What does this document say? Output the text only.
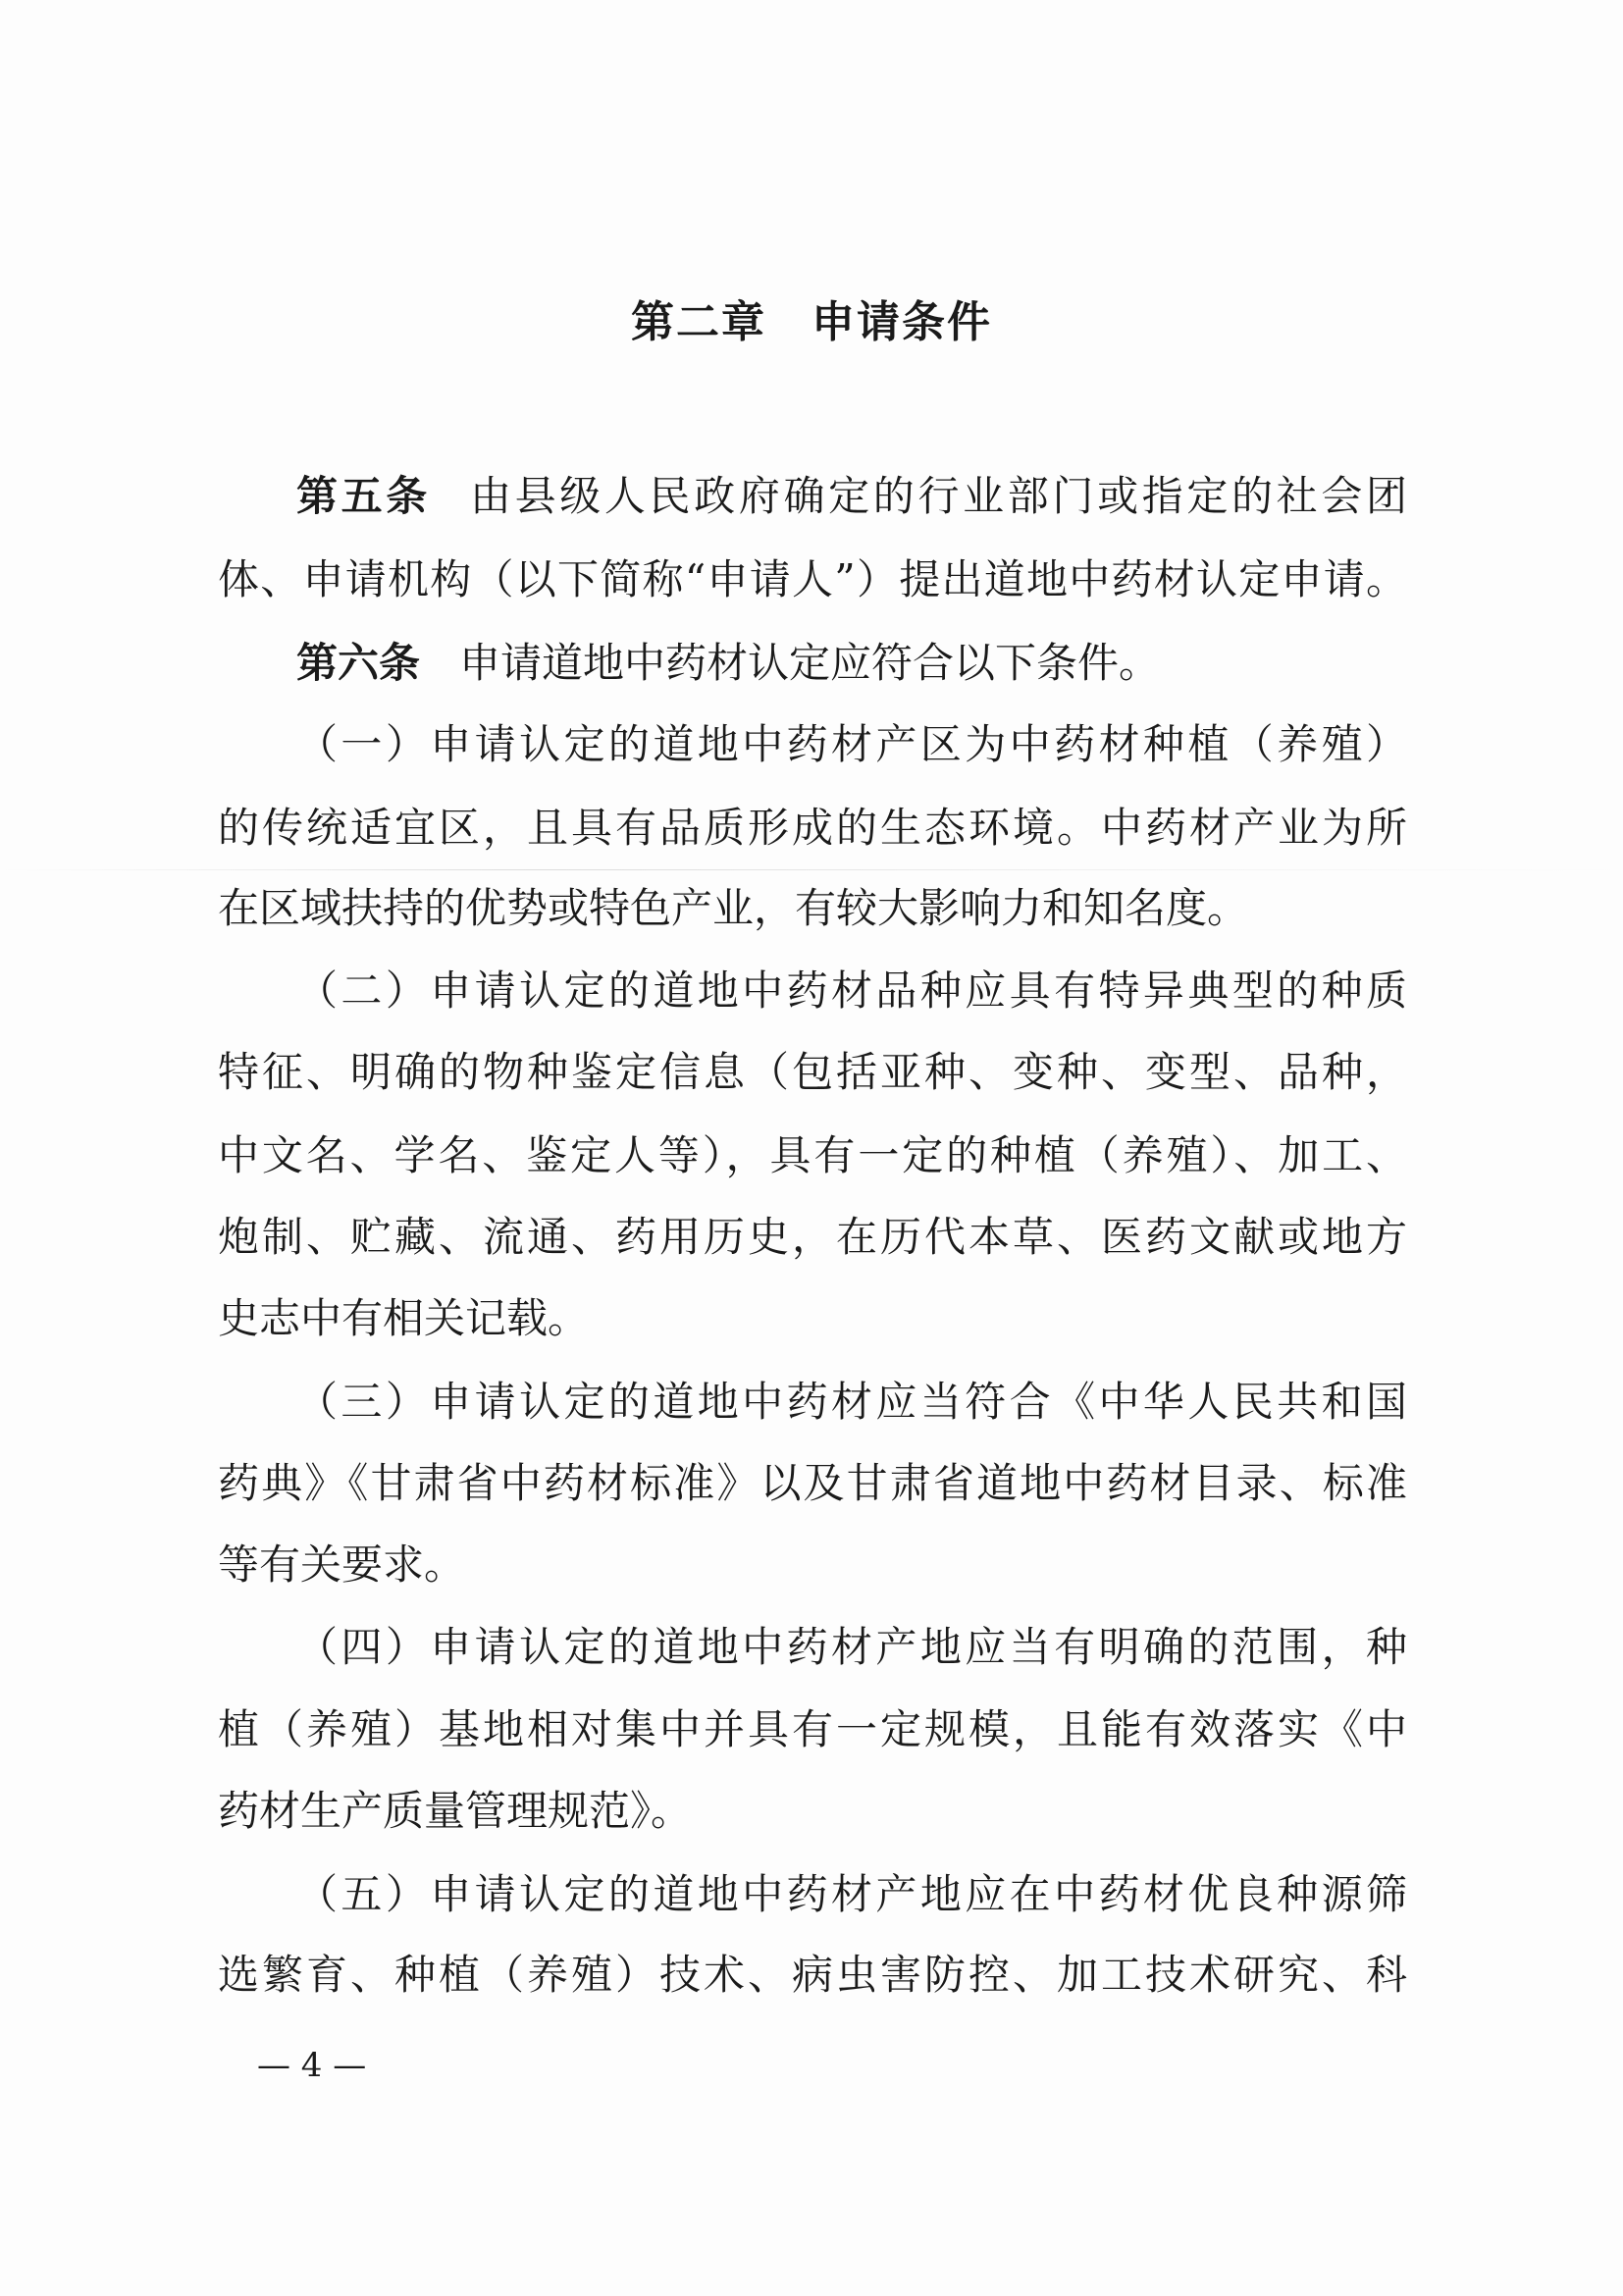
第二章　申请条件
第五条 由县级人民政府确定的行业部门或指定的社会团
体、申请机构（以下简称“申请人”）提出道地中药材认定申请。
第六条 申请道地中药材认定应符合以下条件。
（一）申请认定的道地中药材产区为中药材种植（养殖）
的传统适宜区，且具有品质形成的生态环境。中药材产业为所
在区域扶持的优势或特色产业，有较大影响力和知名度。
（二）申请认定的道地中药材品种应具有特异典型的种质
特征、明确的物种鉴定信息（包括亚种、变种、变型、品种，
中文名、学名、鉴定人等），具有一定的种植（养殖）、加工、
炮制、贮藏、流通、药用历史，在历代本草、医药文献或地方
史志中有相关记载。
（三）申请认定的道地中药材应当符合《中华人民共和国
药典》《甘肃省中药材标准》以及甘肃省道地中药材目录、标准
等有关要求。
（四）申请认定的道地中药材产地应当有明确的范围，种
植（养殖）基地相对集中并具有一定规模，且能有效落实《中
药材生产质量管理规范》。
（五）申请认定的道地中药材产地应在中药材优良种源筛
选繁育、种植（养殖）技术、病虫害防控、加工技术研究、科
— 4 —
